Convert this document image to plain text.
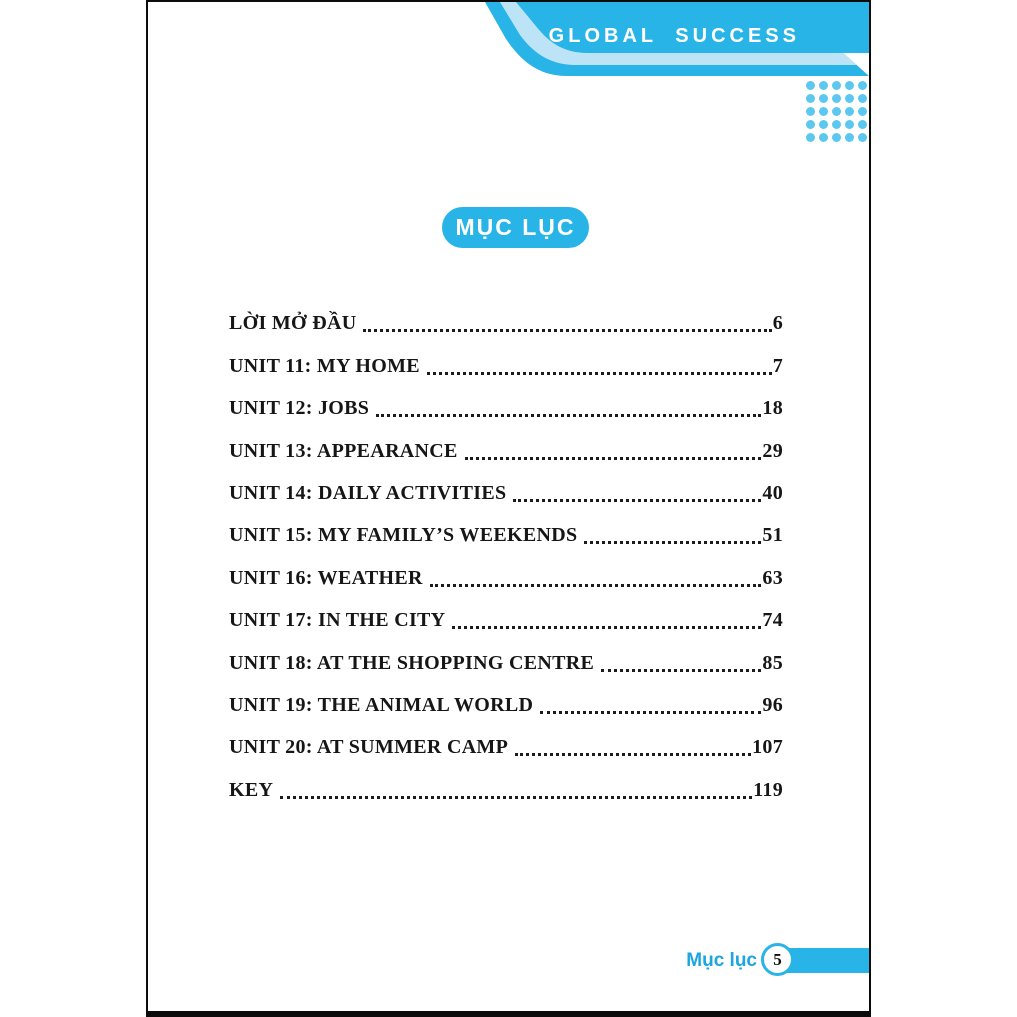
GLOBAL SUCCESS
MỤC LỤC
LỜI MỞ ĐẦU	6
UNIT 11: MY HOME	7
UNIT 12: JOBS	18
UNIT 13: APPEARANCE	29
UNIT 14: DAILY ACTIVITIES	40
UNIT 15: MY FAMILY’S WEEKENDS	51
UNIT 16: WEATHER	63
UNIT 17: IN THE CITY	74
UNIT 18: AT THE SHOPPING CENTRE	85
UNIT 19: THE ANIMAL WORLD	96
UNIT 20: AT SUMMER CAMP	107
KEY	119
Mục lục 5
